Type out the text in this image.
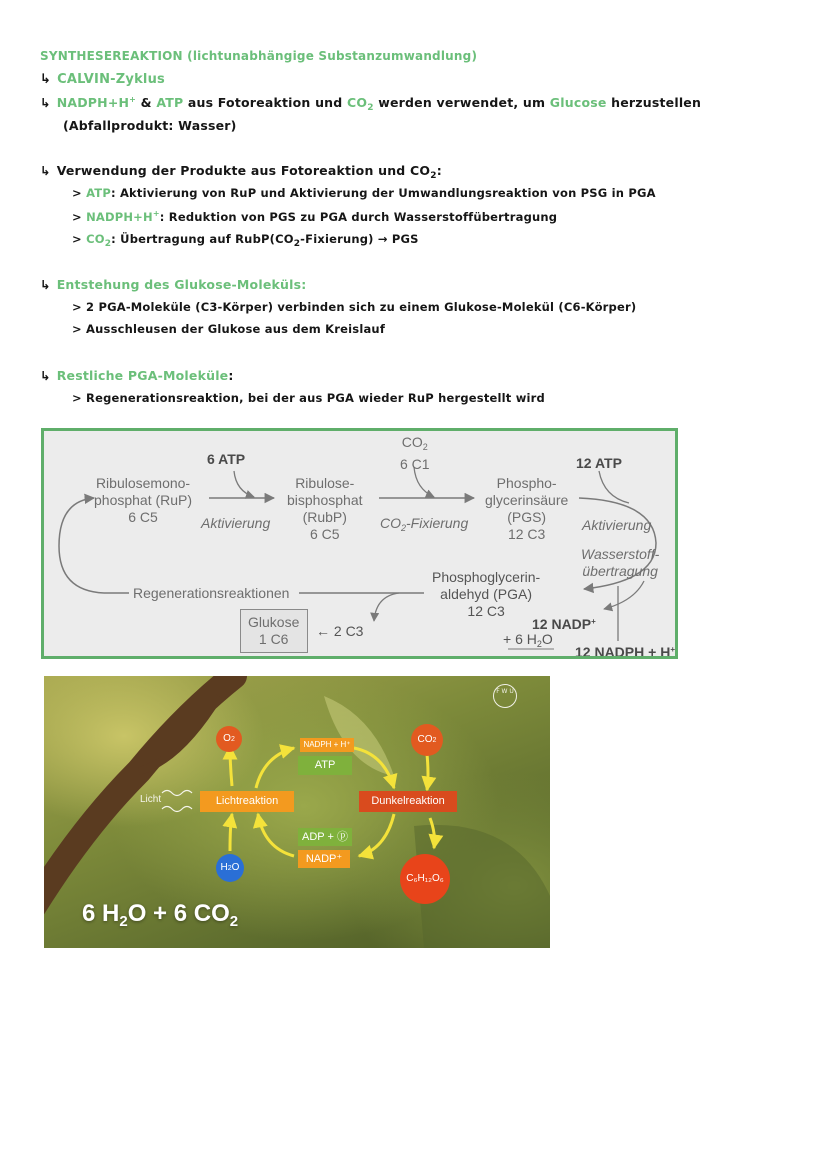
SYNTHESEREAKTION (lichtunabhängige Substanzumwandlung)
↳ CALVIN-Zyklus
↳ NADPH+H+ & ATP aus Fotoreaktion und $CO_2$ werden verwendet, um Glucose herzustellen
(Abfallprodukt: Wasser)
↳ Verwendung der Produkte aus Fotoreaktion und $CO_2$:
> ATP: Aktivierung von RuP und Aktivierung der Umwandlungsreaktion von PSG in PGA
> NADPH+H+: Reduktion von PGS zu PGA durch Wasserstoffübertragung
> $CO_2$: Übertragung auf $RubP(CO_2-Fixierung)$ → PGS
↳ Entstehung des Glukose-Moleküls:
> 2 PGA-Moleküle (C3-Körper) verbinden sich zu einem Glukose-Molekül (C6-Körper)
> Ausschleusen der Glukose aus dem Kreislauf
↳ Restliche PGA-Moleküle:
> Regenerationsreaktion, bei der aus PGA wieder RuP hergestellt wird
Ribulosemono-
phosphat (RuP)
6 C5
6 ATP
Aktivierung
Ribulose-
bisphosphat
(RubP)
6 C5
$CO_2$
6 C1
$CO_2$-Fixierung
Phospho-
glycerinsäure
(PGS)
12 C3
12 ATP
Aktivierung
Wasserstoff-
übertragung
Phosphoglycerin-
aldehyd (PGA)
12 C3
Regenerationsreaktionen
Glukose
1 C6	← 2 C3	12 NADP+
+ 6 $H_2O$
12 NADPH + H+
F W U
O2	CO2
NADPH + H⁺
ATP
Licht	Lichtreaktion	Dunkelreaktion
ADP + ⓟ
NADP⁺
H2O
C₆H₁₂O₆
6 $H_2O + 6$ $CO_2$
